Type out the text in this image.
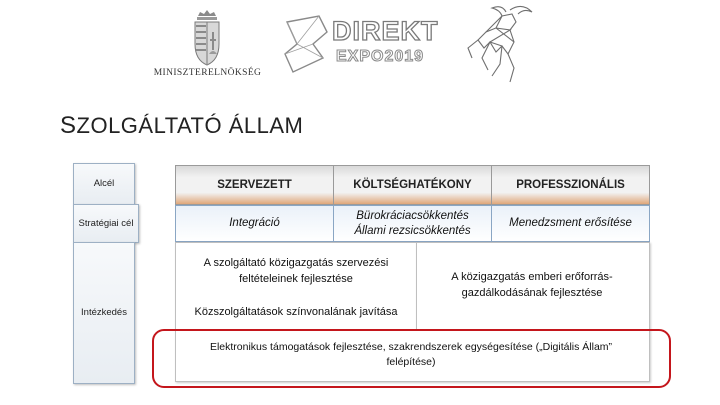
MINISZTERELNÖKSÉG
DIREKT
EXPO2019
SZOLGÁLTATÓ ÁLLAM
Alcél
Stratégiai cél
Intézkedés
SZERVEZETT	KÖLTSÉGHATÉKONY	PROFESSZIONÁLIS
Integráció
Bürokráciacsökkentés
Állami rezsicsökkentés
Menedzsment erősítése
A szolgáltató közigazgatás szervezési
feltételeinek fejlesztése
Közszolgáltatások színvonalának javítása
A közigazgatás emberi erőforrás-
gazdálkodásának fejlesztése
Elektronikus támogatások fejlesztése, szakrendszerek egységesítése („Digitális Állam”
felépítése)
